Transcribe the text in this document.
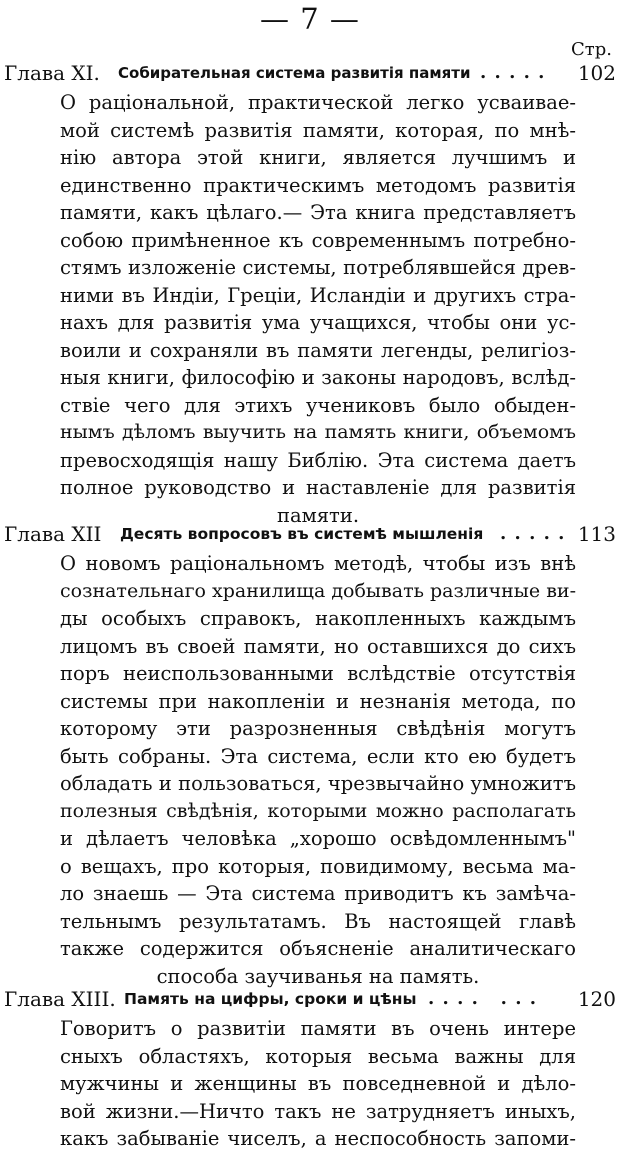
— 7 —
Стр.
Глава XI. Собирательная система развитія памяти . . . . . 102
О раціональной, практической легко усваивае-
мой системѣ развитія памяти, которая, по мнѣ-
нію автора этой книги, является лучшимъ и
единственно практическимъ методомъ развитія
памяти, какъ цѣлаго.— Эта книга представляетъ
собою примѣненное къ современнымъ потребно-
стямъ изложеніе системы, потреблявшейся древ-
ними въ Индіи, Греціи, Исландіи и другихъ стра-
нахъ для развитія ума учащихся, чтобы они ус-
воили и сохраняли въ памяти легенды, религіоз-
ныя книги, философію и законы народовъ, вслѣд-
ствіе чего для этихъ учениковъ было обыден-
нымъ дѣломъ выучить на память книги, объемомъ
превосходящія нашу Библію. Эта система даетъ
полное руководство и наставленіе для развитія
памяти.
Глава XII Десять вопросовъ въ системѣ мышленія . . . . . 113
О новомъ раціональномъ методѣ, чтобы изъ внѣ
сознательнаго хранилища добывать различные ви-
ды особыхъ справокъ, накопленныхъ каждымъ
лицомъ въ своей памяти, но оставшихся до сихъ
поръ неиспользованными вслѣдствіе отсутствія
системы при накопленіи и незнанія метода, по
которому эти разрозненныя свѣдѣнія могутъ
быть собраны. Эта система, если кто ею будетъ
обладать и пользоваться, чрезвычайно умножитъ
полезныя свѣдѣнія, которыми можно располагать
и дѣлаетъ человѣка „хорошо освѣдомленнымъ"
о вещахъ, про которыя, повидимому, весьма ма-
ло знаешь — Эта система приводитъ къ замѣча-
тельнымъ результатамъ. Въ настоящей главѣ
также содержится объясненіе аналитическаго
способа заучиванья на память.
Глава XIII. Память на цифры, сроки и цѣны . . . .   . . . 120
Говоритъ о развитіи памяти въ очень интере
сныхъ областяхъ, которыя весьма важны для
мужчины и женщины въ повседневной и дѣло-
вой жизни.—Ничто такъ не затрудняетъ иныхъ,
какъ забываніе чиселъ, а неспособность запоми-
